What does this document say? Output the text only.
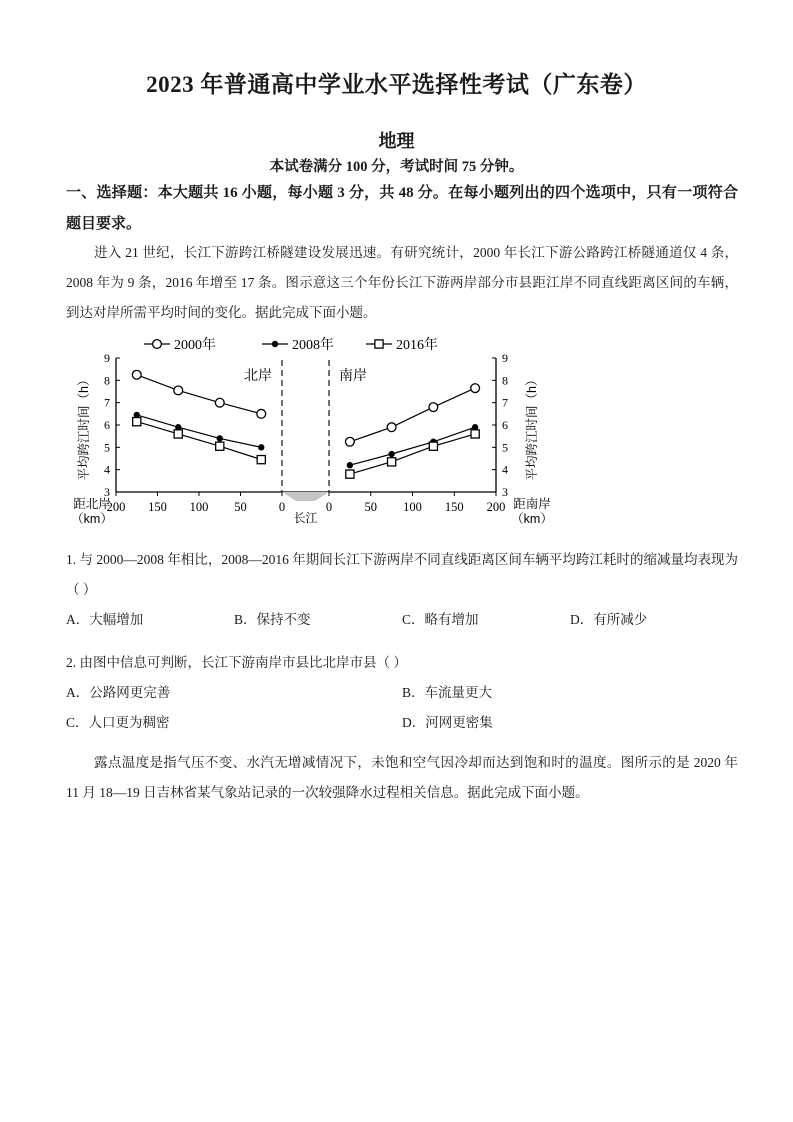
2023 年普通高中学业水平选择性考试（广东卷）
地理
本试卷满分 100 分，考试时间 75 分钟。
一、选择题：本大题共 16 小题，每小题 3 分，共 48 分。在每小题列出的四个选项中，只有一项符合题目要求。
进入 21 世纪，长江下游跨江桥隧建设发展迅速。有研究统计，2000 年长江下游公路跨江桥隧通道仅 4 条，2008 年为 9 条，2016 年增至 17 条。图示意这三个年份长江下游两岸部分市县距江岸不同直线距离区间的车辆，到达对岸所需平均时间的变化。据此完成下面小题。
3	3
4	4
5	5
6	6
7	7
8	8
9	9
200 150 100 50	0	0	50 100 150 200
长江
北岸	南岸
2000年	2008年	2016年
平均跨江时间（h）	平均跨江时间（h）
距北岸
（km）
距南岸
（km）
1. 与 2000—2008 年相比，2008—2016 年期间长江下游两岸不同直线距离区间车辆平均跨江耗时的缩减量均表现为（ ）
A．大幅增加	B．保持不变	C．略有增加	D．有所减少
2. 由图中信息可判断，长江下游南岸市县比北岸市县（ ）
A．公路网更完善	B．车流量更大
C．人口更为稠密	D．河网更密集
露点温度是指气压不变、水汽无增减情况下，未饱和空气因冷却而达到饱和时的温度。图所示的是 2020 年 11 月 18—19 日吉林省某气象站记录的一次较强降水过程相关信息。据此完成下面小题。
